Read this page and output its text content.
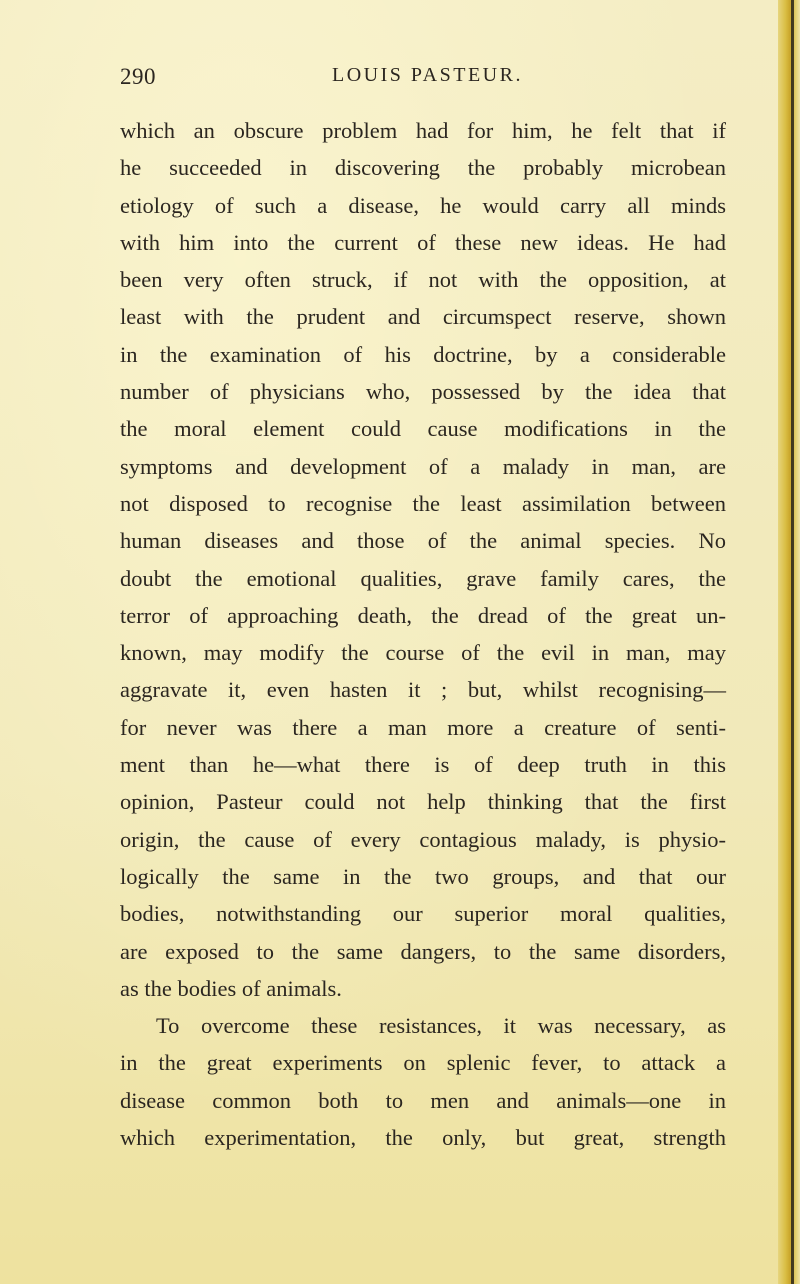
290	LOUIS PASTEUR.
which an obscure problem had for him, he felt that if
he succeeded in discovering the probably microbean
etiology of such a disease, he would carry all minds
with him into the current of these new ideas. He had
been very often struck, if not with the opposition, at
least with the prudent and circumspect reserve, shown
in the examination of his doctrine, by a considerable
number of physicians who, possessed by the idea that
the moral element could cause modifications in the
symptoms and development of a malady in man, are
not disposed to recognise the least assimilation between
human diseases and those of the animal species. No
doubt the emotional qualities, grave family cares, the
terror of approaching death, the dread of the great un-
known, may modify the course of the evil in man, may
aggravate it, even hasten it ; but, whilst recognising—
for never was there a man more a creature of senti-
ment than he—what there is of deep truth in this
opinion, Pasteur could not help thinking that the first
origin, the cause of every contagious malady, is physio-
logically the same in the two groups, and that our
bodies, notwithstanding our superior moral qualities,
are exposed to the same dangers, to the same disorders,
as the bodies of animals.
To overcome these resistances, it was necessary, as
in the great experiments on splenic fever, to attack a
disease common both to men and animals—one in
which experimentation, the only, but great, strength
